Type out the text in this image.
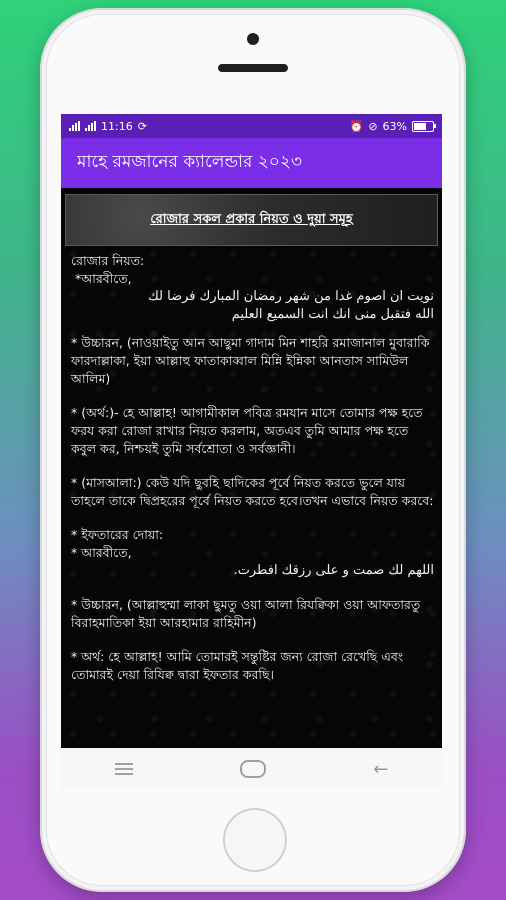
11:16 ⟳	⏰ ⊘ 63%
মাহে রমজানের ক্যালেন্ডার ২০২৩
রোজার সকল প্রকার নিয়ত ও দুয়া সমূহ
রোজার নিয়ত:
*আরবীতে,
نويت ان اصوم غدا من شهر رمضان المبارك فرضا لك
الله فتقبل منى انك انت السميع العليم

* উচ্চারন, (নাওয়াইতু আন আছুমা গাদাম মিন শাহরি রমাজানাল মুবারাকি ফারদাল্লাকা, ইয়া আল্লাহু ফাতাকাব্বাল মিন্নি ইন্নিকা আনতাস সামিউল আলিম)

* (অর্থ:)- হে আল্লাহ! আগামীকাল পবিত্র রমযান মাসে তোমার পক্ষ হতে ফরয করা রোজা রাখার নিয়ত করলাম, অতএব তুমি আমার পক্ষ হতে কবুল কর, নিশ্চয়ই তুমি সর্বশ্রোতা ও সর্বজ্ঞানী।

* (মাসআলা:) কেউ যদি ছুবহি ছাদিকের পূর্বে নিয়ত করতে ভুলে যায় তাহলে তাকে দ্বিপ্রহরের পূর্বে নিয়ত করতে হবে।তখন এভাবে নিয়ত করবে:

* ইফতারের দোয়া:
* আরবীতে,
اللهم لك صمت و على رزقك افطرت.

* উচ্চারন, (আল্লাহুম্মা লাকা ছুমতু ওয়া আলা রিযক্বিকা ওয়া আফতারতু বিরাহমাতিকা ইয়া আরহামার রাহিমীন)

* অর্থ: হে আল্লাহ! আমি তোমারই সন্তুষ্টির জন্য রোজা রেখেছি এবং তোমারই দেয়া রিযিক্ব দ্বারা ইফতার করছি।

←
